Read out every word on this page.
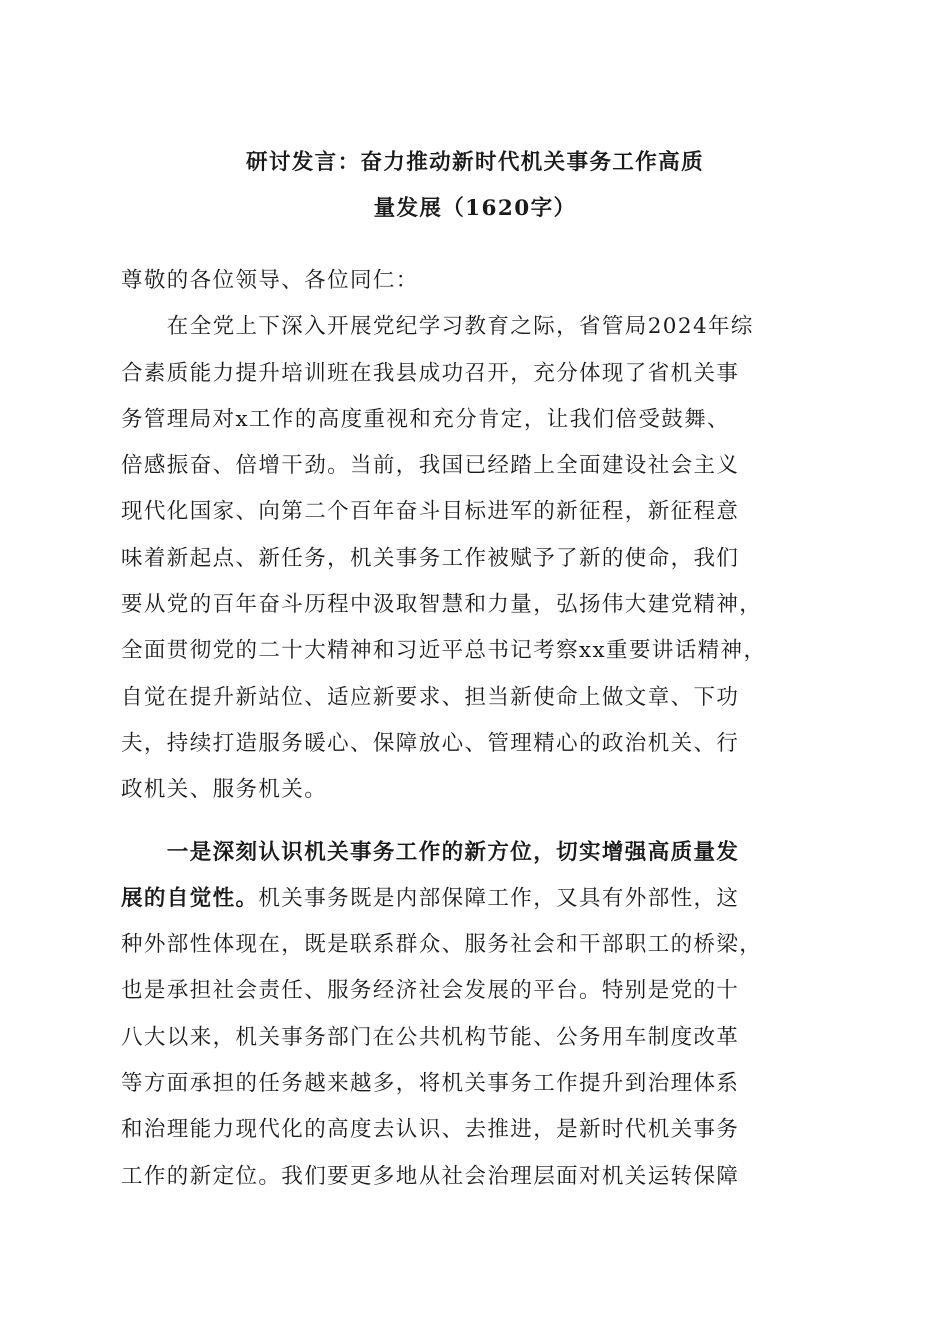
研讨发言：奋力推动新时代机关事务工作高质
量发展（1620字）
尊敬的各位领导、各位同仁：
　　在全党上下深入开展党纪学习教育之际，省管局2024年综
合素质能力提升培训班在我县成功召开，充分体现了省机关事
务管理局对x工作的高度重视和充分肯定，让我们倍受鼓舞、
倍感振奋、倍增干劲。当前，我国已经踏上全面建设社会主义
现代化国家、向第二个百年奋斗目标进军的新征程，新征程意
味着新起点、新任务，机关事务工作被赋予了新的使命，我们
要从党的百年奋斗历程中汲取智慧和力量，弘扬伟大建党精神，
全面贯彻党的二十大精神和习近平总书记考察xx重要讲话精神，
自觉在提升新站位、适应新要求、担当新使命上做文章、下功
夫，持续打造服务暖心、保障放心、管理精心的政治机关、行
政机关、服务机关。
　　一是深刻认识机关事务工作的新方位，切实增强高质量发
展的自觉性。机关事务既是内部保障工作，又具有外部性，这
种外部性体现在，既是联系群众、服务社会和干部职工的桥梁，
也是承担社会责任、服务经济社会发展的平台。特别是党的十
八大以来，机关事务部门在公共机构节能、公务用车制度改革
等方面承担的任务越来越多，将机关事务工作提升到治理体系
和治理能力现代化的高度去认识、去推进，是新时代机关事务
工作的新定位。我们要更多地从社会治理层面对机关运转保障
